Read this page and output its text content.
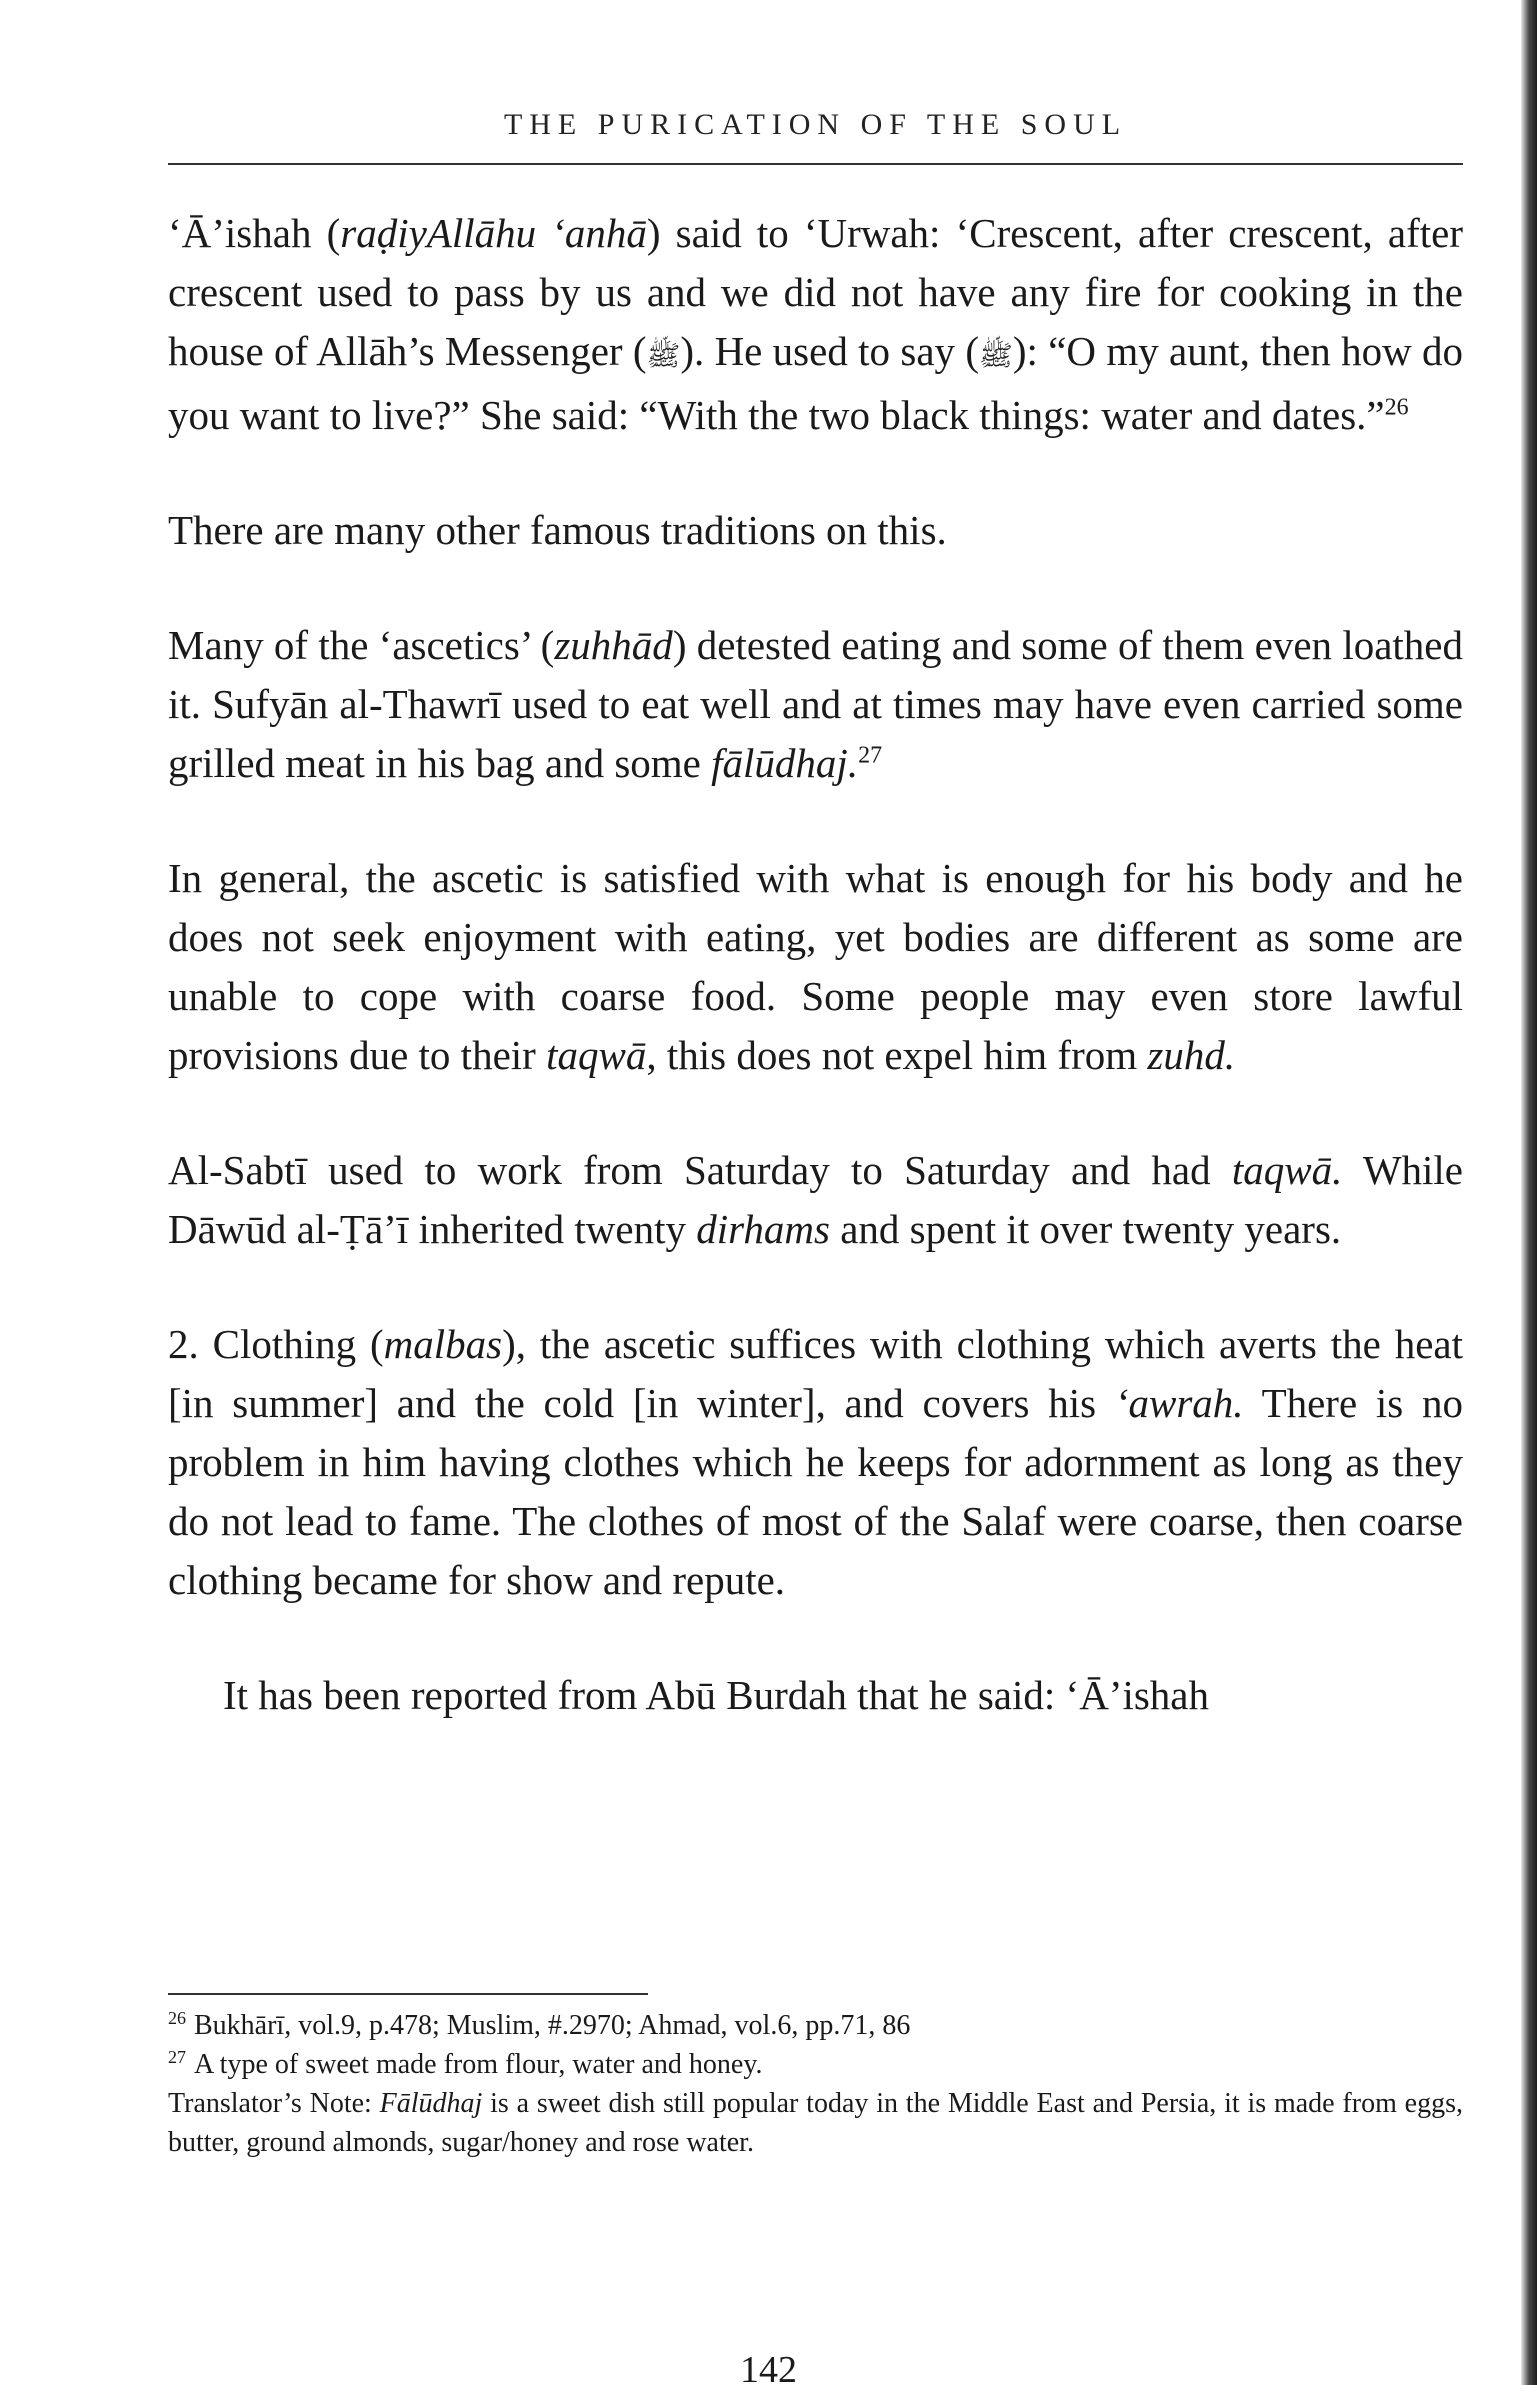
THE PURICATION OF THE SOUL

‘Ā’ishah (raḍiyAllāhu ‘anhā) said to ‘Urwah: ‘Crescent, after crescent, after crescent used to pass by us and we did not have any fire for cooking in the house of Allāh’s Messenger (ﷺ). He used to say (ﷺ): “O my aunt, then how do you want to live?” She said: “With the two black things: water and dates.”$^{26}$

There are many other famous traditions on this.

Many of the ‘ascetics’ (zuhhād) detested eating and some of them even loathed it. Sufyān al-Thawrī used to eat well and at times may have even carried some grilled meat in his bag and some fālūdhaj.$^{27}$

In general, the ascetic is satisfied with what is enough for his body and he does not seek enjoyment with eating, yet bodies are different as some are unable to cope with coarse food. Some people may even store lawful provisions due to their taqwā, this does not expel him from zuhd.

Al-Sabtī used to work from Saturday to Saturday and had taqwā. While Dāwūd al-Ṭā’ī inherited twenty dirhams and spent it over twenty years.

2. Clothing (malbas), the ascetic suffices with clothing which averts the heat [in summer] and the cold [in winter], and covers his ‘awrah. There is no problem in him having clothes which he keeps for adornment as long as they do not lead to fame. The clothes of most of the Salaf were coarse, then coarse clothing became for show and repute.

It has been reported from Abū Burdah that he said: ‘Ā’ishah

$^{26}$ Bukhārī, vol.9, p.478; Muslim, #.2970; Ahmad, vol.6, pp.71, 86

$^{27}$ A type of sweet made from flour, water and honey.

Translator’s Note: Fālūdhaj is a sweet dish still popular today in the Middle East and Persia, it is made from eggs, butter, ground almonds, sugar/honey and rose water.

142
